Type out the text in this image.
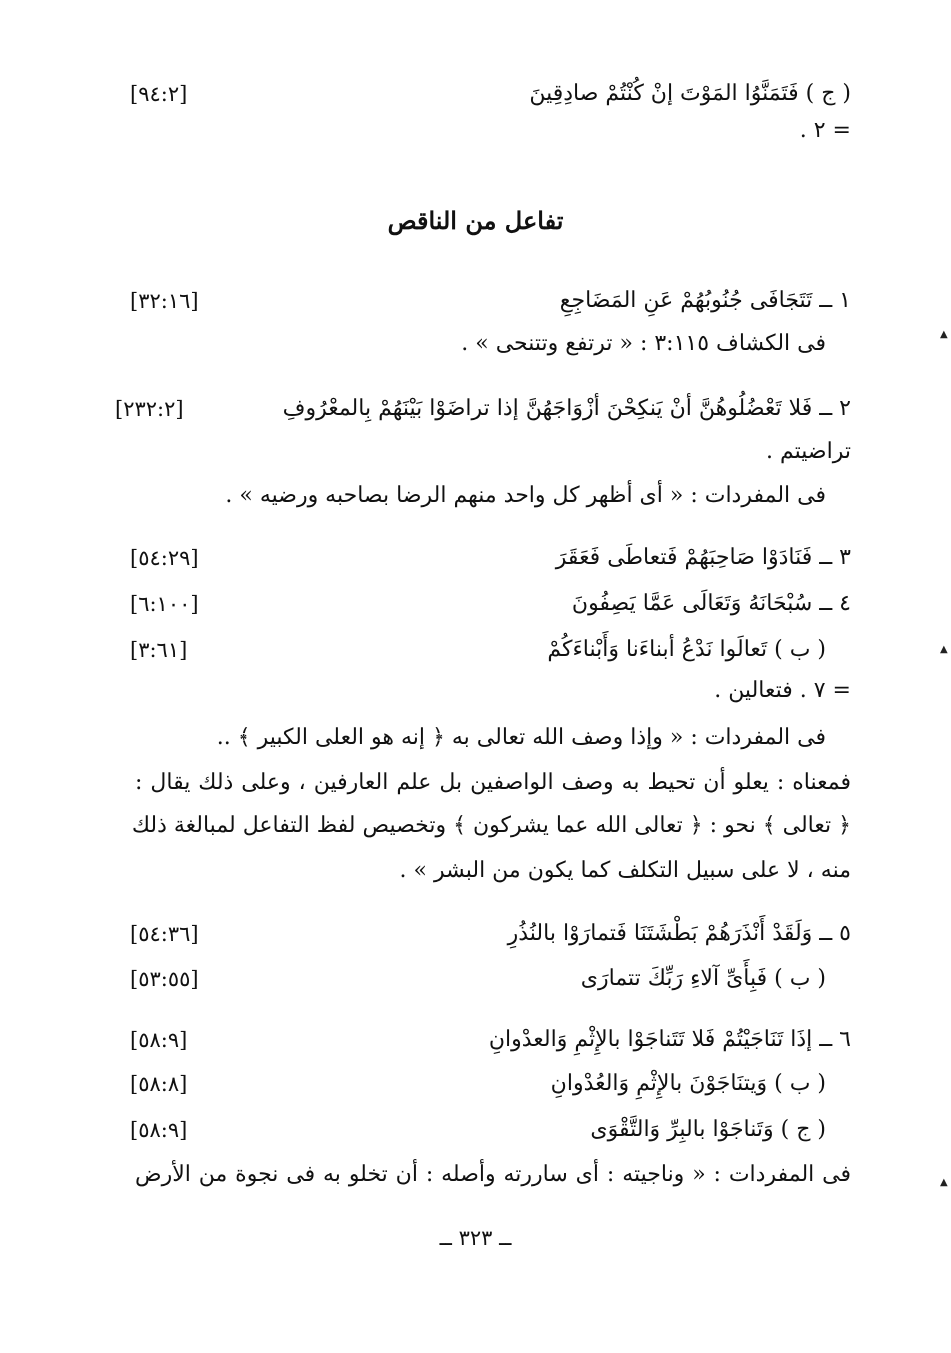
( ج ) فَتَمَنَّوُا المَوْتَ إنْ كُنْتُمْ صادِقِينَ
[٩٤:٢]
= ٢ .
تفاعل من الناقص
١ ــ تَتَجَافَى جُنُوبُهُمْ عَنِ المَضَاجِعِ
[٣٢:١٦]
فى الكشاف ٣:١١٥ : « ترتفع وتتنحى » .
٢ ــ فَلا تَعْضُلُوهُنَّ أنْ يَنكِحْنَ أزْوَاجَهُنَّ إذا تراضَوْا بَيْنَهُمْ بِالمعْرُوفِ
[٢٣٢:٢]
تراضيتم .
فى المفردات : « أى أظهر كل واحد منهم الرضا بصاحبه ورضيه » .
٣ ــ فَنَادَوْا صَاحِبَهُمْ فَتعاطَى فَعَقَرَ
[٥٤:٢٩]
٤ ــ سُبْحَانَهُ وَتَعَالَى عَمَّا يَصِفُونَ
[٦:١٠٠]
( ب ) تَعالَوا نَدْعُ أبناءَنا وَأَبْناءَكُمْ
[٣:٦١]
= ٧ . فتعالين .
فى المفردات : « وإذا وصف الله تعالى به ﴿ إنه هو العلى الكبير ﴾ ..
فمعناه : يعلو أن تحيط به وصف الواصفين بل علم العارفين ، وعلى ذلك يقال :
﴿ تعالى ﴾ نحو : ﴿ تعالى الله عما يشركون ﴾ وتخصيص لفظ التفاعل لمبالغة ذلك
منه ، لا على سبيل التكلف كما يكون من البشر » .
٥ ــ وَلَقَدْ أَنْذَرَهُمْ بَطْشَتَنَا فَتمارَوْا بالنُذُرِ
[٥٤:٣٦]
( ب ) فَبِأَىِّ آلاءِ رَبِّكَ تتمارَى
[٥٣:٥٥]
٦ ــ إذَا تَنَاجَيْتُمْ فَلا تَتَناجَوْا بالإِثْمِ وَالعدْوانِ
[٥٨:٩]
( ب ) وَيتنَاجَوْنَ بالإِثْمِ وَالعُدْوانِ
[٥٨:٨]
( ج ) وَتَناجَوْا بالبِرِّ وَالتَّقْوَى
[٥٨:٩]
فى المفردات : « وناجيته : أى ساررته وأصله : أن تخلو به فى نجوة من الأرض
ــ ٣٢٣ ــ
▲
▲
▲
